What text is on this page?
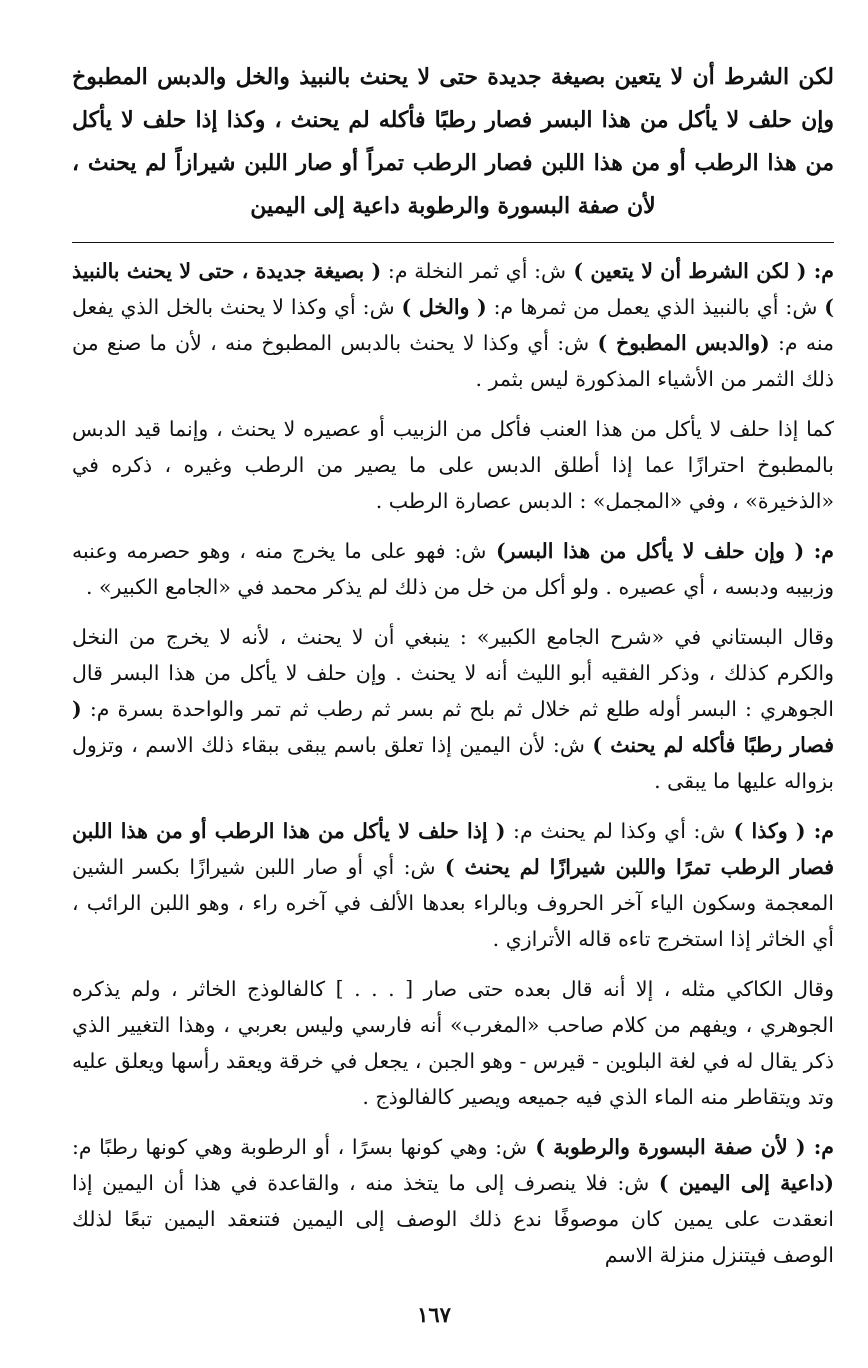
لكن الشرط أن لا يتعين بصيغة جديدة حتى لا يحنث بالنبيذ والخل والدبس المطبوخ وإن حلف لا يأكل من هذا البسر فصار رطبًا فأكله لم يحنث ، وكذا إذا حلف لا يأكل من هذا الرطب أو من هذا اللبن فصار الرطب تمراً أو صار اللبن شيرازاً لم يحنث ، لأن صفة البسورة والرطوبة داعية إلى اليمين

م: ( لكن الشرط أن لا يتعين ) ش: أي ثمر النخلة م: ( بصيغة جديدة ، حتى لا يحنث بالنبيذ ) ش: أي بالنبيذ الذي يعمل من ثمرها م: ( والخل ) ش: أي وكذا لا يحنث بالخل الذي يفعل منه م: (والدبس المطبوخ ) ش: أي وكذا لا يحنث بالدبس المطبوخ منه ، لأن ما صنع من ذلك الثمر من الأشياء المذكورة ليس بثمر .

كما إذا حلف لا يأكل من هذا العنب فأكل من الزبيب أو عصيره لا يحنث ، وإنما قيد الدبس بالمطبوخ احترازًا عما إذا أطلق الدبس على ما يصير من الرطب وغيره ، ذكره في «الذخيرة» ، وفي «المجمل» : الدبس عصارة الرطب .

م: ( وإن حلف لا يأكل من هذا البسر) ش: فهو على ما يخرج منه ، وهو حصرمه وعنبه وزبيبه ودبسه ، أي عصيره . ولو أكل من خل من ذلك لم يذكر محمد في «الجامع الكبير» .

وقال البستاني في «شرح الجامع الكبير» : ينبغي أن لا يحنث ، لأنه لا يخرج من النخل والكرم كذلك ، وذكر الفقيه أبو الليث أنه لا يحنث . وإن حلف لا يأكل من هذا البسر قال الجوهري : البسر أوله طلع ثم خلال ثم بلح ثم بسر ثم رطب ثم تمر والواحدة بسرة م: ( فصار رطبًا فأكله لم يحنث ) ش: لأن اليمين إذا تعلق باسم يبقى ببقاء ذلك الاسم ، وتزول بزواله عليها ما يبقى .

م: ( وكذا ) ش: أي وكذا لم يحنث م: ( إذا حلف لا يأكل من هذا الرطب أو من هذا اللبن فصار الرطب تمرًا واللبن شيرازًا لم يحنث ) ش: أي أو صار اللبن شيرازًا بكسر الشين المعجمة وسكون الياء آخر الحروف وبالراء بعدها الألف في آخره راء ، وهو اللبن الرائب ، أي الخاثر إذا استخرج تاءه قاله الأترازي .

وقال الكاكي مثله ، إلا أنه قال بعده حتى صار [ . . . ] كالفالوذج الخاثر ، ولم يذكره الجوهري ، ويفهم من كلام صاحب «المغرب» أنه فارسي وليس بعربي ، وهذا التغيير الذي ذكر يقال له في لغة البلوين - قيرس - وهو الجبن ، يجعل في خرقة ويعقد رأسها ويعلق عليه وتد ويتقاطر منه الماء الذي فيه جميعه ويصير كالفالوذج .

م: ( لأن صفة البسورة والرطوبة ) ش: وهي كونها بسرًا ، أو الرطوبة وهي كونها رطبًا م: (داعية إلى اليمين ) ش: فلا ينصرف إلى ما يتخذ منه ، والقاعدة في هذا أن اليمين إذا انعقدت على يمين كان موصوفًا ندع ذلك الوصف إلى اليمين فتنعقد اليمين تبعًا لذلك الوصف فيتنزل منزلة الاسم

١٦٧
